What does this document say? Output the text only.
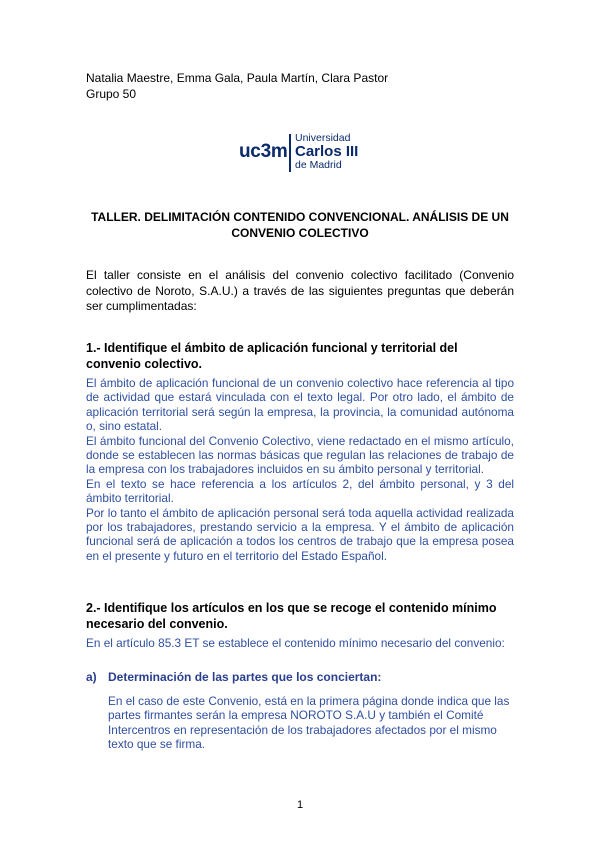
Natalia Maestre, Emma Gala, Paula Martín, Clara Pastor
Grupo 50
uc3m
Universidad
Carlos III
de Madrid
TALLER. DELIMITACIÓN CONTENIDO CONVENCIONAL. ANÁLISIS DE UN
CONVENIO COLECTIVO
El taller consiste en el análisis del convenio colectivo facilitado (Convenio colectivo de Noroto, S.A.U.) a través de las siguientes preguntas que deberán ser cumplimentadas:
1.- Identifique el ámbito de aplicación funcional y territorial del convenio colectivo.

El ámbito de aplicación funcional de un convenio colectivo hace referencia al tipo de actividad que estará vinculada con el texto legal. Por otro lado, el ámbito de aplicación territorial será según la empresa, la provincia, la comunidad autónoma o, sino estatal.

El ámbito funcional del Convenio Colectivo, viene redactado en el mismo artículo, donde se establecen las normas básicas que regulan las relaciones de trabajo de la empresa con los trabajadores incluidos en su ámbito personal y territorial.

En el texto se hace referencia a los artículos 2, del ámbito personal, y 3 del ámbito territorial.

Por lo tanto el ámbito de aplicación personal será toda aquella actividad realizada por los trabajadores, prestando servicio a la empresa. Y el ámbito de aplicación funcional será de aplicación a todos los centros de trabajo que la empresa posea en el presente y futuro en el territorio del Estado Español.

2.- Identifique los artículos en los que se recoge el contenido mínimo necesario del convenio.
En el artículo 85.3 ET se establece el contenido mínimo necesario del convenio:
a) Determinación de las partes que los conciertan:
En el caso de este Convenio, está en la primera página donde indica que las partes firmantes serán la empresa NOROTO S.A.U y también el Comité Intercentros en representación de los trabajadores afectados por el mismo texto que se firma.
1
